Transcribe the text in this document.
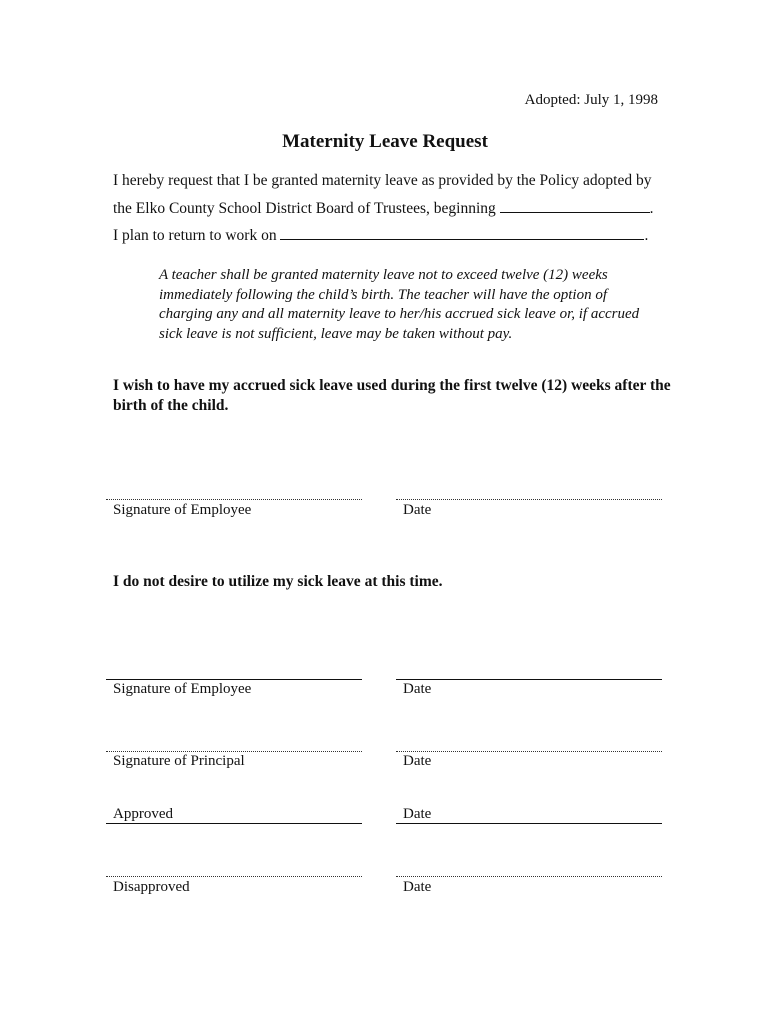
Adopted: July 1, 1998
Maternity Leave Request
I hereby request that I be granted maternity leave as provided by the Policy adopted by
the Elko County School District Board of Trustees, beginning	.
I plan to return to work on	.
A teacher shall be granted maternity leave not to exceed twelve (12) weeks immediately following the child’s birth. The teacher will have the option of charging any and all maternity leave to her/his accrued sick leave or, if accrued sick leave is not sufficient, leave may be taken without pay.
I wish to have my accrued sick leave used during the first twelve (12) weeks after the birth of the child.
Signature of Employee	Date
I do not desire to utilize my sick leave at this time.
Signature of Employee	Date
Signature of Principal	Date
Approved	Date
Disapproved	Date
